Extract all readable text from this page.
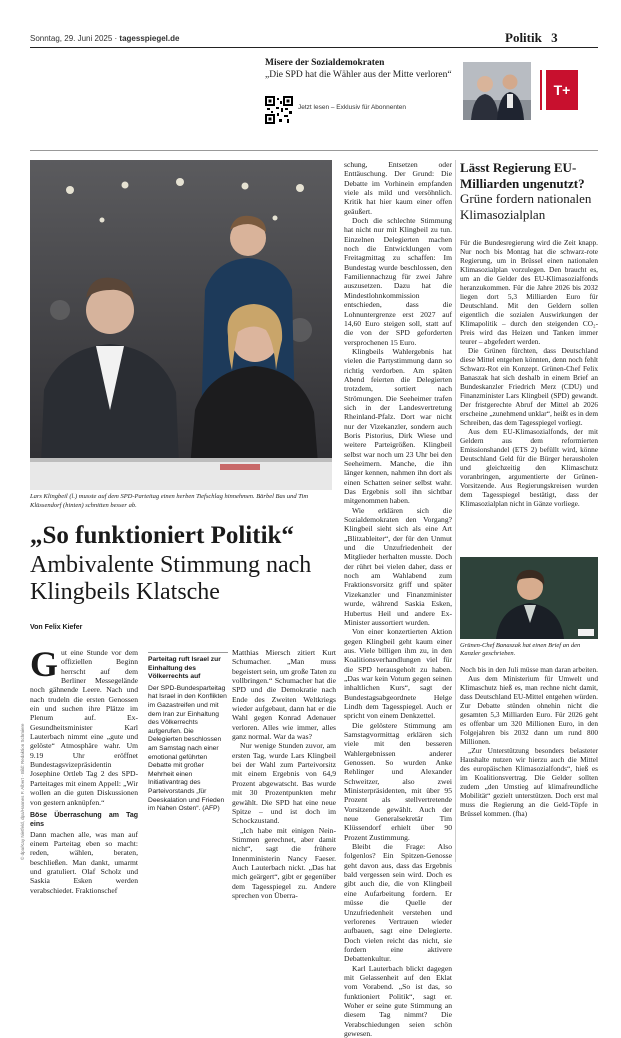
Sonntag, 29. Juni 2025 · tagesspiegel.de	Politik 3
Misere der Sozialdemokraten
„Die SPD hat die Wähler aus der Mitte verloren“
Jetzt lesen – Exklusiv für Abonnenten
T+
Lars Klingbeil (l.) musste auf dem SPD-Parteitag einen herben Tiefschlag hinnehmen. Bärbel Bas und Tim Klüssendorf (hinten) schnitten besser ab.
„So funktioniert Politik“
Ambivalente Stimmung nach Klingbeils Klatsche
Von Felix Kiefer
© dpa/Kay Nietfeld, dpa/Hannes P. Albert · Bild: Redaktion Schmiere

Gut eine Stunde vor dem offiziellen Beginn herrscht auf dem Berliner Messegelände noch gähnende Leere. Nach und nach trudeln die ersten Genossen ein und suchen ihre Plätze im Plenum auf. Ex-Gesundheitsminister Karl Lauterbach nimmt eine „gute und gelöste“ Atmosphäre wahr. Um 9.19 Uhr eröffnet Bundestagsvizepräsidentin Josephine Ortleb Tag 2 des SPD-Parteitages mit einem Appell: „Wir wollen an die guten Diskussionen von gestern anknüpfen.“

Böse Überraschung am Tag eins

Dann machen alle, was man auf einem Parteitag eben so macht: reden, wählen, beraten, beschließen. Man dankt, umarmt und gratuliert. Olaf Scholz und Saskia Esken werden verabschiedet. Fraktionschef

Parteitag ruft Israel zur Einhaltung des Völkerrechts auf

Der SPD-Bundesparteitag hat Israel in den Konflikten im Gazastreifen und mit dem Iran zur Einhaltung des Völkerrechts aufgerufen. Die Delegierten beschlossen am Samstag nach einer emotional geführten Debatte mit großer Mehrheit einen Initiativantrag des Parteivorstands „für Deeskalation und Frieden im Nahen Osten“. (AFP)

Matthias Miersch zitiert Kurt Schumacher. „Man muss begeistert sein, um große Taten zu vollbringen.“ Schumacher hat die SPD und die Demokratie nach Ende des Zweiten Weltkriegs wieder aufgebaut, dann hat er die Wahl gegen Konrad Adenauer verloren. Alles wie immer, alles ganz normal. War da was?

Nur wenige Stunden zuvor, am ersten Tag, wurde Lars Klingbeil bei der Wahl zum Parteivorsitz mit einem Ergebnis von 64,9 Prozent abgewatscht. Bas wurde mit 30 Prozentpunkten mehr gewählt. Die SPD hat eine neue Spitze – und ist doch im Schockzustand.

„Ich habe mit einigen Nein-Stimmen gerechnet, aber damit nicht“, sagt die frühere Innenministerin Nancy Faeser. Auch Lauterbach nickt. „Das hat mich geärgert“, gibt er gegenüber dem Tagesspiegel zu. Andere sprechen von Überra-

schung, Entsetzen oder Enttäuschung. Der Grund: Die Debatte im Vorhinein empfanden viele als mild und versöhnlich. Kritik hat hier kaum einer offen geäußert.

Doch die schlechte Stimmung hat nicht nur mit Klingbeil zu tun. Einzelnen Delegierten machen noch die Entwicklungen vom Freitagmittag zu schaffen: Im Bundestag wurde beschlossen, den Familiennachzug für zwei Jahre auszusetzen. Dazu hat die Mindestlohnkommission entschieden, dass die Lohnuntergrenze erst 2027 auf 14,60 Euro steigen soll, statt auf die von der SPD geforderten versprochenen 15 Euro.

Klingbeils Wahlergebnis hat vielen die Partystimmung dann so richtig verdorben. Am späten Abend feierten die Delegierten trotzdem, sortiert nach Strömungen. Die Seeheimer trafen sich in der Landesvertretung Rheinland-Pfalz. Dort war nicht nur der Vizekanzler, sondern auch Boris Pistorius, Dirk Wiese und weitere Parteigrößen. Klingbeil selbst war noch um 23 Uhr bei den Seeheimern. Manche, die ihn länger kennen, nahmen ihn dort als einen Schatten seiner selbst wahr. Das Ergebnis soll ihn sichtbar mitgenommen haben.

Wie erklären sich die Sozialdemokraten den Vorgang? Klingbeil sieht sich als eine Art „Blitzableiter“, der für den Unmut und die Unzufriedenheit der Mitglieder herhalten musste. Doch der rührt bei vielen daher, dass er noch am Wahlabend zum Fraktionsvorsitz griff und später Vizekanzler und Finanzminister wurde, während Saskia Esken, Hubertus Heil und andere Ex-Minister aussortiert wurden.

Von einer konzertierten Aktion gegen Klingbeil geht kaum einer aus. Viele billigen ihm zu, in den Koalitionsverhandlungen viel für die SPD herausgeholt zu haben. „Das war kein Votum gegen seinen inhaltlichen Kurs“, sagt der Bundestagsabgeordnete Helge Lindh dem Tagesspiegel. Auch er spricht von einem Denkzettel.

Die gelöstere Stimmung am Samstagvormittag erklären sich viele mit den besseren Wahlergebnissen anderer Genossen. So wurden Anke Rehlinger und Alexander Schweitzer, also zwei Ministerpräsidenten, mit über 95 Prozent als stellvertretende Vorsitzende gewählt. Auch der neue Generalsekretär Tim Klüssendorf erhielt über 90 Prozent Zustimmung.

Bleibt die Frage: Also folgenlos? Ein Spitzen-Genosse geht davon aus, dass das Ergebnis bald vergessen sein wird. Doch es gibt auch die, die von Klingbeil eine Aufarbeitung fordern. Er müsse die Quelle der Unzufriedenheit verstehen und verlorenes Vertrauen wieder aufbauen, sagt eine Delegierte. Doch vielen reicht das nicht, sie fordern eine aktivere Debattenkultur.

Karl Lauterbach blickt dagegen mit Gelassenheit auf den Eklat vom Vorabend. „So ist das, so funktioniert Politik“, sagt er. Woher er seine gute Stimmung an diesem Tag nimmt? Die Verabschiedungen seien schön gewesen.

Lässt Regierung EU-Milliarden ungenutzt? Grüne fordern nationalen Klimasozialplan

Für die Bundesregierung wird die Zeit knapp. Nur noch bis Montag hat die schwarz-rote Regierung, um in Brüssel einen nationalen Klimasozialplan vorzulegen. Den braucht es, um an die Gelder des EU-Klimasozialfonds heranzukommen. Für die Jahre 2026 bis 2032 liegen dort 5,3 Milliarden Euro für Deutschland. Mit den Geldern sollen eigentlich die sozialen Auswirkungen der Klimapolitik – durch den steigenden CO₂-Preis wird das Heizen und Tanken immer teurer – abgefedert werden.

Die Grünen fürchten, dass Deutschland diese Mittel entgehen könnten, denn noch fehlt Schwarz-Rot ein Konzept. Grünen-Chef Felix Banaszak hat sich deshalb in einem Brief an Bundeskanzler Friedrich Merz (CDU) und Finanzminister Lars Klingbeil (SPD) gewandt. Der fristgerechte Abruf der Mittel ab 2026 erscheine „zunehmend unklar“, heißt es in dem Schreiben, das dem Tagesspiegel vorliegt.

Aus dem EU-Klimasozialfonds, der mit Geldern aus dem reformierten Emissionshandel (ETS 2) befüllt wird, könne Deutschland Geld für die Bürger herausholen und gleichzeitig den Klimaschutz voranbringen, argumentierte der Grünen-Vorsitzende. Aus Regierungskreisen wurden dem Tagesspiegel bestätigt, dass der Klimasozialplan nicht in Gänze vorliege.

Grünen-Chef Banaszak hat einen Brief an den Kanzler geschrieben.

Noch bis in den Juli müsse man daran arbeiten.

Aus dem Ministerium für Umwelt und Klimaschutz hieß es, man rechne nicht damit, dass Deutschland EU-Mittel entgehen würden. Zur Debatte stünden ohnehin nicht die gesamten 5,3 Milliarden Euro. Für 2026 geht es offenbar um 320 Millionen Euro, in den Folgejahren bis 2032 dann um rund 800 Millionen.

„Zur Unterstützung besonders belasteter Haushalte nutzen wir hierzu auch die Mittel des europäischen Klimasozialfonds“, hieß es im Koalitionsvertrag. Die Gelder sollten zudem „den Umstieg auf klimafreundliche Mobilität“ gezielt unterstützen. Doch erst mal muss die Regierung an die Geld-Töpfe in Brüssel kommen. (fha)
